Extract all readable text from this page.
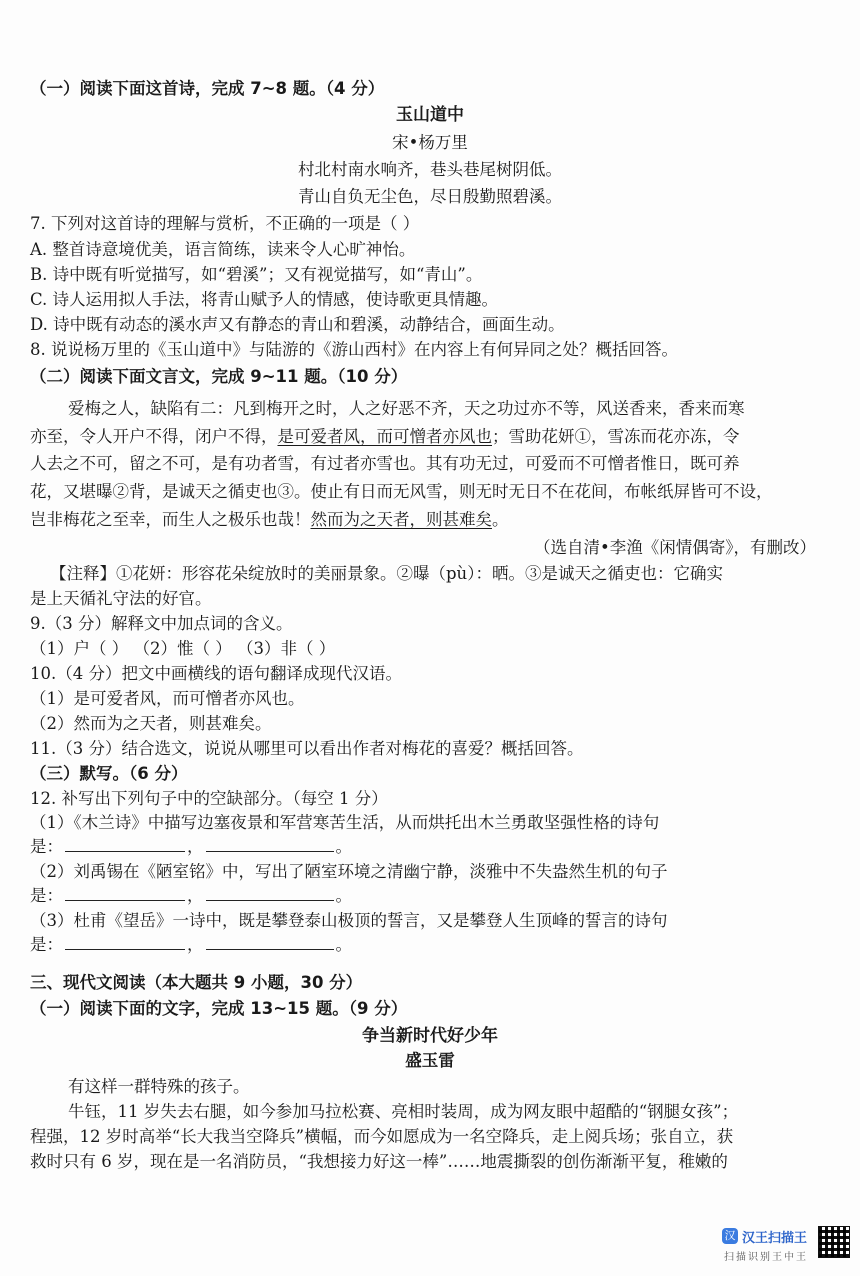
（一）阅读下面这首诗，完成 7~8 题。（4 分）
玉山道中
宋•杨万里
村北村南水响齐，巷头巷尾树阴低。
青山自负无尘色，尽日殷勤照碧溪。
7. 下列对这首诗的理解与赏析，不正确的一项是（ ）
A. 整首诗意境优美，语言简练，读来令人心旷神怡。
B. 诗中既有听觉描写，如“碧溪”；又有视觉描写，如“青山”。
C. 诗人运用拟人手法，将青山赋予人的情感，使诗歌更具情趣。
D. 诗中既有动态的溪水声又有静态的青山和碧溪，动静结合，画面生动。
8. 说说杨万里的《玉山道中》与陆游的《游山西村》在内容上有何异同之处？概括回答。
（二）阅读下面文言文，完成 9~11 题。（10 分）
爱梅之人，缺陷有二：凡到梅开之时，人之好恶不齐，天之功过亦不等，风送香来，香来而寒
亦至，令人开户不得，闭户不得，是可爱者风，而可憎者亦风也；雪助花妍①，雪冻而花亦冻，令
人去之不可，留之不可，是有功者雪，有过者亦雪也。其有功无过，可爱而不可憎者惟日，既可养
花，又堪曝②背，是诚天之循吏也③。使止有日而无风雪，则无时无日不在花间，布帐纸屏皆可不设，
岂非梅花之至幸，而生人之极乐也哉！然而为之天者，则甚难矣。
（选自清•李渔《闲情偶寄》，有删改）
【注释】①花妍：形容花朵绽放时的美丽景象。②曝（pù）：晒。③是诚天之循吏也：它确实
是上天循礼守法的好官。
9.（3 分）解释文中加点词的含义。
（1）户（ ） （2）惟（ ） （3）非（ ）
10.（4 分）把文中画横线的语句翻译成现代汉语。
（1）是可爱者风，而可憎者亦风也。
（2）然而为之天者，则甚难矣。
11.（3 分）结合选文，说说从哪里可以看出作者对梅花的喜爱？概括回答。
（三）默写。（6 分）
12. 补写出下列句子中的空缺部分。（每空 1 分）
（1）《木兰诗》中描写边塞夜景和军营寒苦生活，从而烘托出木兰勇敢坚强性格的诗句
是：	，	。
（2）刘禹锡在《陋室铭》中，写出了陋室环境之清幽宁静，淡雅中不失盎然生机的句子
是：	，	。
（3）杜甫《望岳》一诗中，既是攀登泰山极顶的誓言，又是攀登人生顶峰的誓言的诗句
是：	，	。
三、现代文阅读（本大题共 9 小题，30 分）
（一）阅读下面的文字，完成 13~15 题。（9 分）
争当新时代好少年
盛玉雷
有这样一群特殊的孩子。
牛钰，11 岁失去右腿，如今参加马拉松赛、亮相时装周，成为网友眼中超酷的“钢腿女孩”；
程强，12 岁时高举“长大我当空降兵”横幅，而今如愿成为一名空降兵，走上阅兵场；张自立，获
救时只有 6 岁，现在是一名消防员，“我想接力好这一棒”……地震撕裂的创伤渐渐平复，稚嫩的
汉 汉王扫描王
扫描识别王中王
